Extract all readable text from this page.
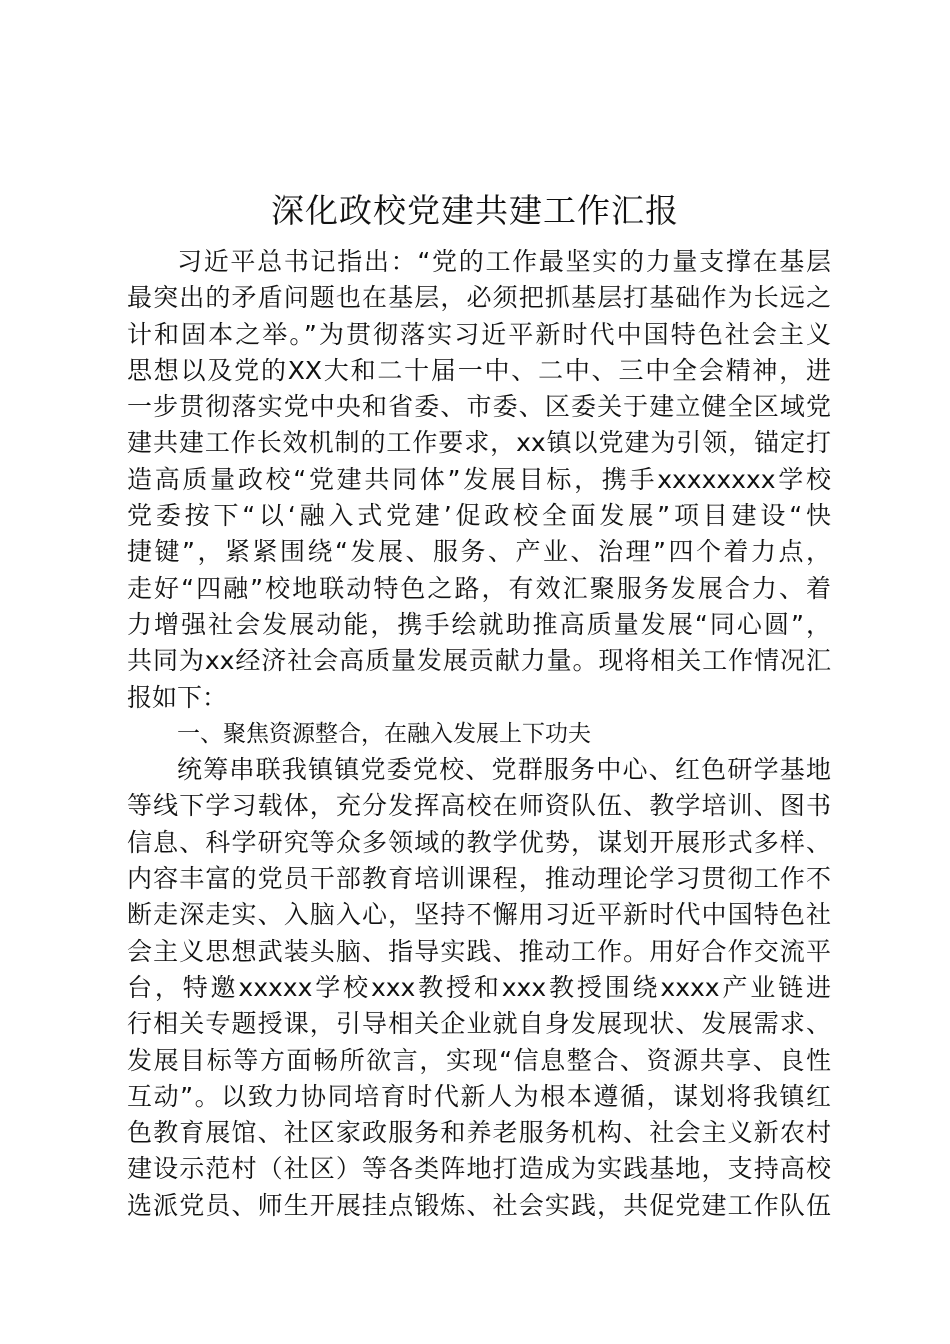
深化政校党建共建工作汇报
习近平总书记指出：“党的工作最坚实的力量支撑在基层
最突出的矛盾问题也在基层，必须把抓基层打基础作为长远之
计和固本之举。”为贯彻落实习近平新时代中国特色社会主义
思想以及党的XX大和二十届一中、二中、三中全会精神，进
一步贯彻落实党中央和省委、市委、区委关于建立健全区域党
建共建工作长效机制的工作要求，xx镇以党建为引领，锚定打
造高质量政校“党建共同体”发展目标，携手xxxxxxxx学校
党委按下“以‘融入式党建’促政校全面发展”项目建设“快
捷键”，紧紧围绕“发展、服务、产业、治理”四个着力点，
走好“四融”校地联动特色之路，有效汇聚服务发展合力、着
力增强社会发展动能，携手绘就助推高质量发展“同心圆”，
共同为xx经济社会高质量发展贡献力量。现将相关工作情况汇
报如下：
一、聚焦资源整合，在融入发展上下功夫
统筹串联我镇镇党委党校、党群服务中心、红色研学基地
等线下学习载体，充分发挥高校在师资队伍、教学培训、图书
信息、科学研究等众多领域的教学优势，谋划开展形式多样、
内容丰富的党员干部教育培训课程，推动理论学习贯彻工作不
断走深走实、入脑入心，坚持不懈用习近平新时代中国特色社
会主义思想武装头脑、指导实践、推动工作。用好合作交流平
台，特邀xxxxx学校xxx教授和xxx教授围绕xxxx产业链进
行相关专题授课，引导相关企业就自身发展现状、发展需求、
发展目标等方面畅所欲言，实现“信息整合、资源共享、良性
互动”。以致力协同培育时代新人为根本遵循，谋划将我镇红
色教育展馆、社区家政服务和养老服务机构、社会主义新农村
建设示范村（社区）等各类阵地打造成为实践基地，支持高校
选派党员、师生开展挂点锻炼、社会实践，共促党建工作队伍
